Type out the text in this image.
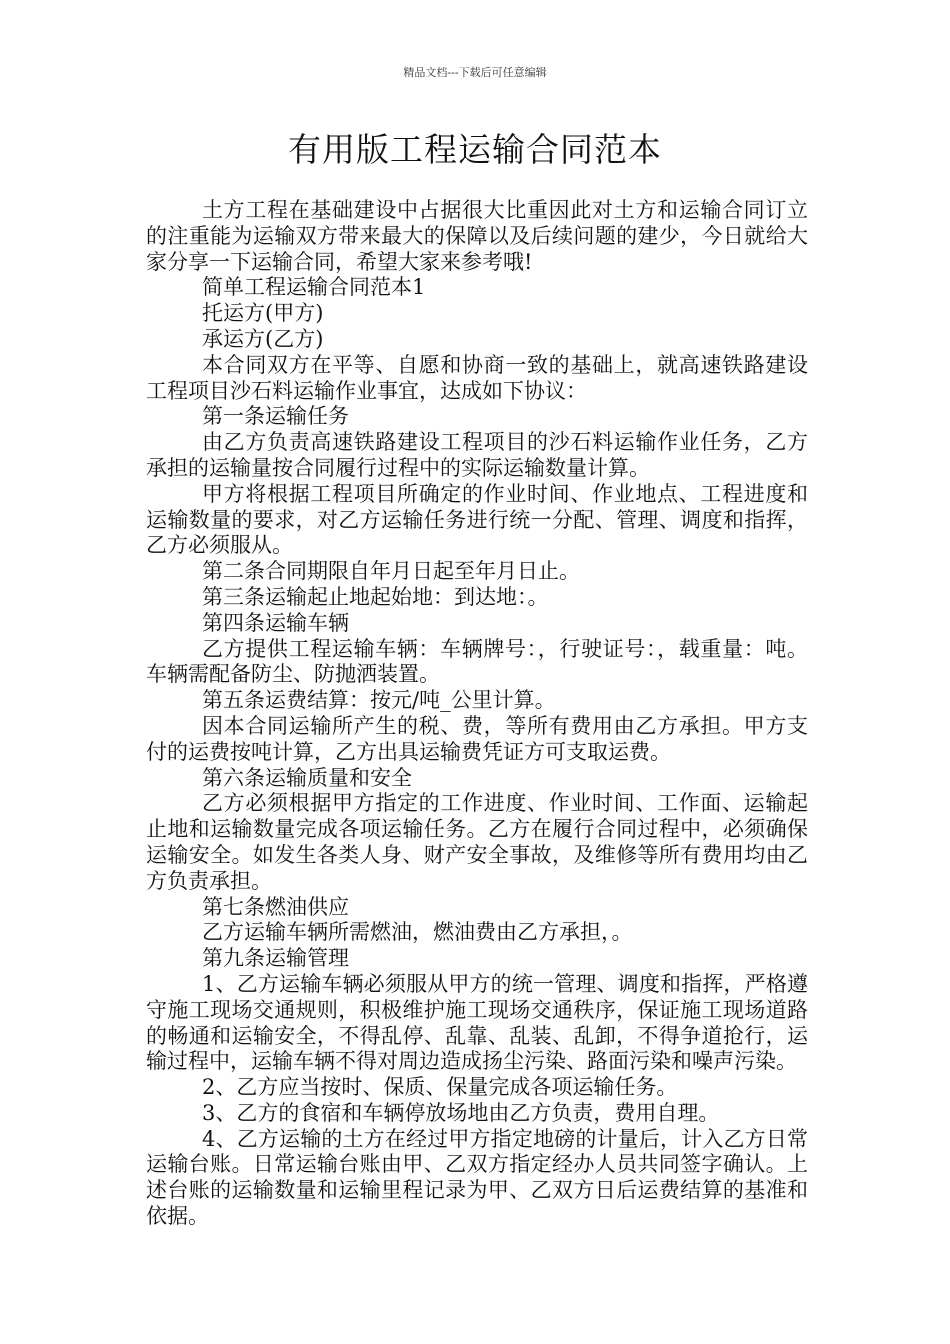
精品文档---下载后可任意编辑
有用版工程运输合同范本

土方工程在基础建设中占据很大比重因此对土方和运输合同订立的注重能为运输双方带来最大的保障以及后续问题的建少，今日就给大家分享一下运输合同，希望大家来参考哦!

简单工程运输合同范本1

托运方(甲方)

承运方(乙方)

本合同双方在平等、自愿和协商一致的基础上，就高速铁路建设工程项目沙石料运输作业事宜，达成如下协议：

第一条运输任务

由乙方负责高速铁路建设工程项目的沙石料运输作业任务，乙方承担的运输量按合同履行过程中的实际运输数量计算。

甲方将根据工程项目所确定的作业时间、作业地点、工程进度和运输数量的要求，对乙方运输任务进行统一分配、管理、调度和指挥，乙方必须服从。

第二条合同期限自年月日起至年月日止。

第三条运输起止地起始地：到达地：。

第四条运输车辆

乙方提供工程运输车辆：车辆牌号：，行驶证号：，载重量：吨。车辆需配备防尘、防抛洒装置。

第五条运费结算：按元/吨_公里计算。

因本合同运输所产生的税、费，等所有费用由乙方承担。甲方支付的运费按吨计算，乙方出具运输费凭证方可支取运费。

第六条运输质量和安全

乙方必须根据甲方指定的工作进度、作业时间、工作面、运输起止地和运输数量完成各项运输任务。乙方在履行合同过程中，必须确保运输安全。如发生各类人身、财产安全事故，及维修等所有费用均由乙方负责承担。

第七条燃油供应

乙方运输车辆所需燃油，燃油费由乙方承担，。

第九条运输管理

1、乙方运输车辆必须服从甲方的统一管理、调度和指挥，严格遵守施工现场交通规则，积极维护施工现场交通秩序，保证施工现场道路的畅通和运输安全，不得乱停、乱靠、乱装、乱卸，不得争道抢行，运输过程中，运输车辆不得对周边造成扬尘污染、路面污染和噪声污染。

2、乙方应当按时、保质、保量完成各项运输任务。

3、乙方的食宿和车辆停放场地由乙方负责，费用自理。

4、乙方运输的土方在经过甲方指定地磅的计量后，计入乙方日常运输台账。日常运输台账由甲、乙双方指定经办人员共同签字确认。上述台账的运输数量和运输里程记录为甲、乙双方日后运费结算的基准和依据。
